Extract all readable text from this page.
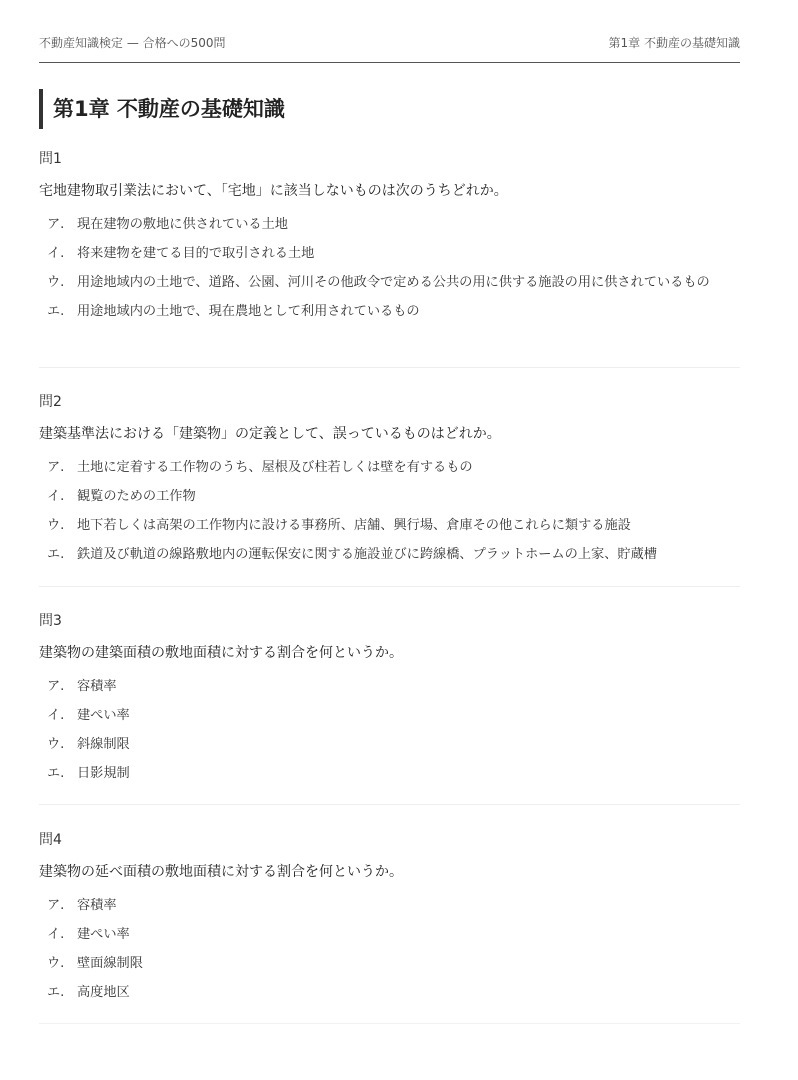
不動産知識検定 — 合格への500問	第1章 不動産の基礎知識
第1章 不動産の基礎知識
問1
宅地建物取引業法において、「宅地」に該当しないものは次のうちどれか。
ア. 現在建物の敷地に供されている土地
イ. 将来建物を建てる目的で取引される土地
ウ. 用途地域内の土地で、道路、公園、河川その他政令で定める公共の用に供する施設の用に供されているもの
エ. 用途地域内の土地で、現在農地として利用されているもの
問2
建築基準法における「建築物」の定義として、誤っているものはどれか。
ア. 土地に定着する工作物のうち、屋根及び柱若しくは壁を有するもの
イ. 観覧のための工作物
ウ. 地下若しくは高架の工作物内に設ける事務所、店舗、興行場、倉庫その他これらに類する施設
エ. 鉄道及び軌道の線路敷地内の運転保安に関する施設並びに跨線橋、プラットホームの上家、貯蔵槽
問3
建築物の建築面積の敷地面積に対する割合を何というか。
ア. 容積率
イ. 建ぺい率
ウ. 斜線制限
エ. 日影規制
問4
建築物の延べ面積の敷地面積に対する割合を何というか。
ア. 容積率
イ. 建ぺい率
ウ. 壁面線制限
エ. 高度地区
